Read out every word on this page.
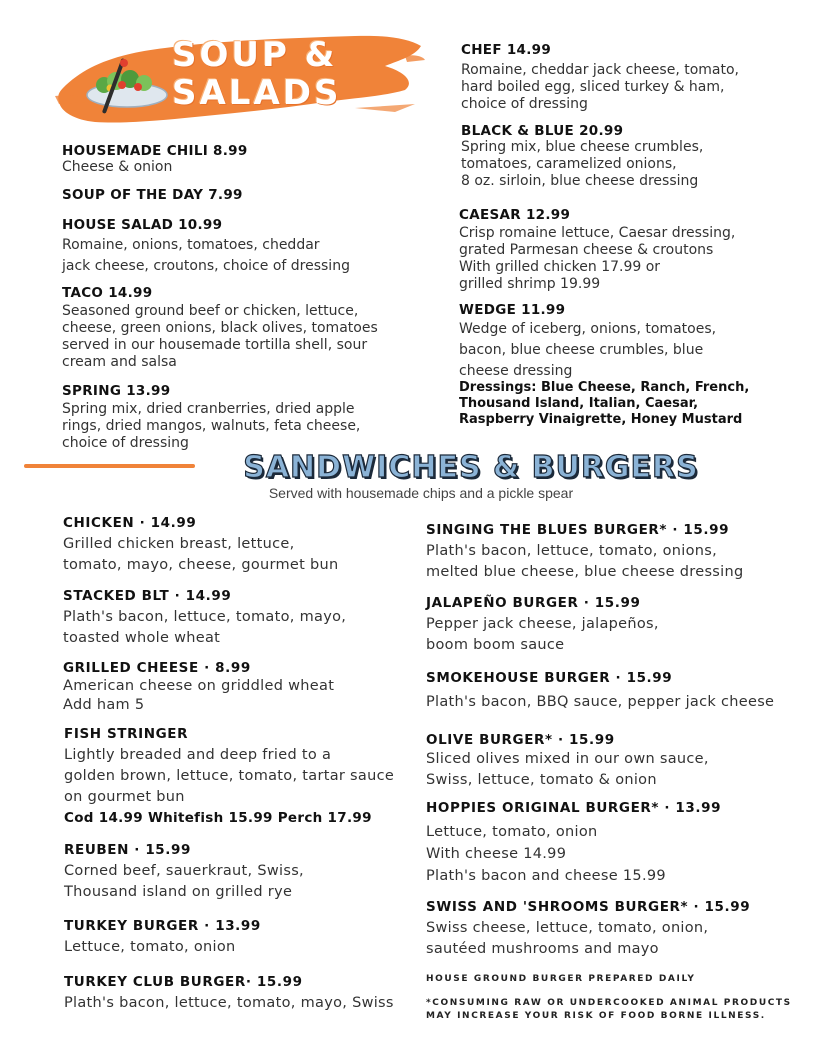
SOUP &
SALADS
HOUSEMADE CHILI 8.99
Cheese & onion
SOUP OF THE DAY 7.99
HOUSE SALAD 10.99
Romaine, onions, tomatoes, cheddar
jack cheese, croutons, choice of dressing
TACO 14.99
Seasoned ground beef or chicken, lettuce,
cheese, green onions, black olives, tomatoes
served in our housemade tortilla shell, sour
cream and salsa
SPRING 13.99
Spring mix, dried cranberries, dried apple
rings, dried mangos, walnuts, feta cheese,
choice of dressing
CHEF 14.99
Romaine, cheddar jack cheese, tomato,
hard boiled egg, sliced turkey & ham,
choice of dressing
BLACK & BLUE 20.99
Spring mix, blue cheese crumbles,
tomatoes, caramelized onions,
8 oz. sirloin, blue cheese dressing
CAESAR 12.99
Crisp romaine lettuce, Caesar dressing,
grated Parmesan cheese & croutons
With grilled chicken 17.99 or
grilled shrimp 19.99
WEDGE 11.99
Wedge of iceberg, onions, tomatoes,
bacon, blue cheese crumbles, blue
cheese dressing
Dressings: Blue Cheese, Ranch, French,
Thousand Island, Italian, Caesar,
Raspberry Vinaigrette, Honey Mustard
SANDWICHES & BURGERS
Served with housemade chips and a pickle spear
CHICKEN · 14.99
Grilled chicken breast, lettuce,
tomato, mayo, cheese, gourmet bun
STACKED BLT · 14.99
Plath's bacon, lettuce, tomato, mayo,
toasted whole wheat
GRILLED CHEESE · 8.99
American cheese on griddled wheat
Add ham 5
FISH STRINGER
Lightly breaded and deep fried to a
golden brown, lettuce, tomato, tartar sauce
on gourmet bun
Cod 14.99 Whitefish 15.99 Perch 17.99
REUBEN · 15.99
Corned beef, sauerkraut, Swiss,
Thousand island on grilled rye
TURKEY BURGER · 13.99
Lettuce, tomato, onion
TURKEY CLUB BURGER· 15.99
Plath's bacon, lettuce, tomato, mayo, Swiss
SINGING THE BLUES BURGER* · 15.99
Plath's bacon, lettuce, tomato, onions,
melted blue cheese, blue cheese dressing
JALAPEÑO BURGER · 15.99
Pepper jack cheese, jalapeños,
boom boom sauce
SMOKEHOUSE BURGER · 15.99
Plath's bacon, BBQ sauce, pepper jack cheese
OLIVE BURGER* · 15.99
Sliced olives mixed in our own sauce,
Swiss, lettuce, tomato & onion
HOPPIES ORIGINAL BURGER* · 13.99
Lettuce, tomato, onion
With cheese 14.99
Plath's bacon and cheese 15.99
SWISS AND 'SHROOMS BURGER* · 15.99
Swiss cheese, lettuce, tomato, onion,
sautéed mushrooms and mayo
HOUSE GROUND BURGER PREPARED DAILY
*CONSUMING RAW OR UNDERCOOKED ANIMAL PRODUCTS
MAY INCREASE YOUR RISK OF FOOD BORNE ILLNESS.
